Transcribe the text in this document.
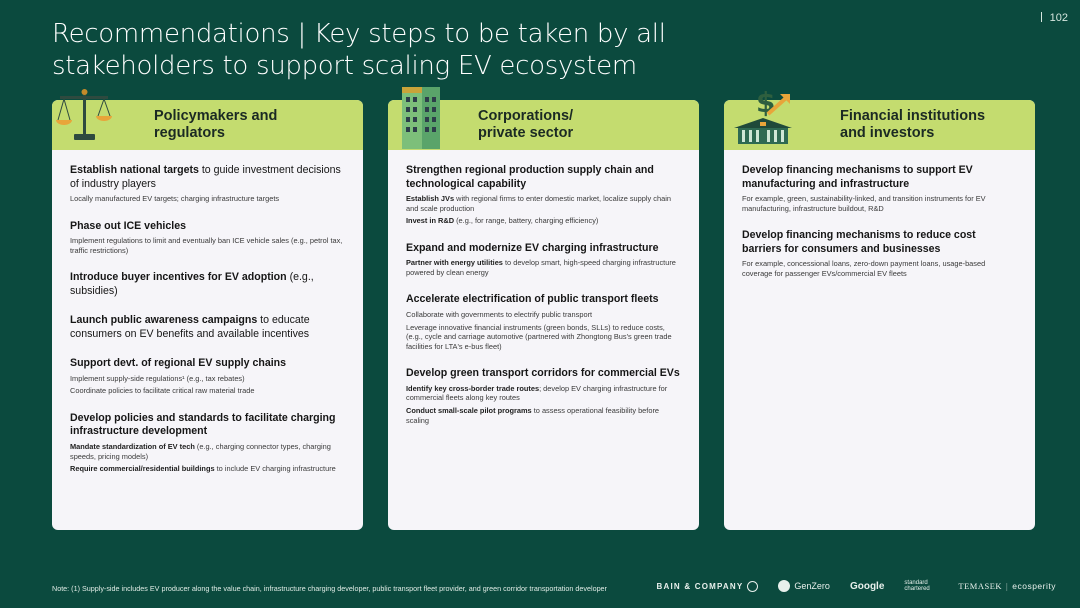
102
Recommendations | Key steps to be taken by all stakeholders to support scaling EV ecosystem
Policymakers and regulators
Establish national targets to guide investment decisions of industry players
Locally manufactured EV targets; charging infrastructure targets
Phase out ICE vehicles
Implement regulations to limit and eventually ban ICE vehicle sales (e.g., petrol tax, traffic restrictions)
Introduce buyer incentives for EV adoption (e.g., subsidies)
Launch public awareness campaigns to educate consumers on EV benefits and available incentives
Support devt. of regional EV supply chains
Implement supply-side regulations¹ (e.g., tax rebates)
Coordinate policies to facilitate critical raw material trade
Develop policies and standards to facilitate charging infrastructure development
Mandate standardization of EV tech (e.g., charging connector types, charging speeds, pricing models)
Require commercial/residential buildings to include EV charging infrastructure
Corporations/ private sector
Strengthen regional production supply chain and technological capability
Establish JVs with regional firms to enter domestic market, localize supply chain and scale production
Invest in R&D (e.g., for range, battery, charging efficiency)
Expand and modernize EV charging infrastructure
Partner with energy utilities to develop smart, high-speed charging infrastructure powered by clean energy
Accelerate electrification of public transport fleets
Collaborate with governments to electrify public transport
Leverage innovative financial instruments (green bonds, SLLs) to reduce costs, (e.g., cycle and carriage automotive (partnered with Zhongtong Bus's green trade facilities for LTA's e-bus fleet)
Develop green transport corridors for commercial EVs
Identify key cross-border trade routes; develop EV charging infrastructure for commercial fleets along key routes
Conduct small-scale pilot programs to assess operational feasibility before scaling
Financial institutions and investors
Develop financing mechanisms to support EV manufacturing and infrastructure
For example, green, sustainability-linked, and transition instruments for EV manufacturing, infrastructure buildout, R&D
Develop financing mechanisms to reduce cost barriers for consumers and businesses
For example, concessional loans, zero-down payment loans, usage-based coverage for passenger EVs/commercial EV fleets
$
Note: (1) Supply-side includes EV producer along the value chain, infrastructure charging developer, public transport fleet provider, and green corridor transportation developer	BAIN & COMPANY	GenZero Google	standard chartered	TEMASEK | ecosperity
